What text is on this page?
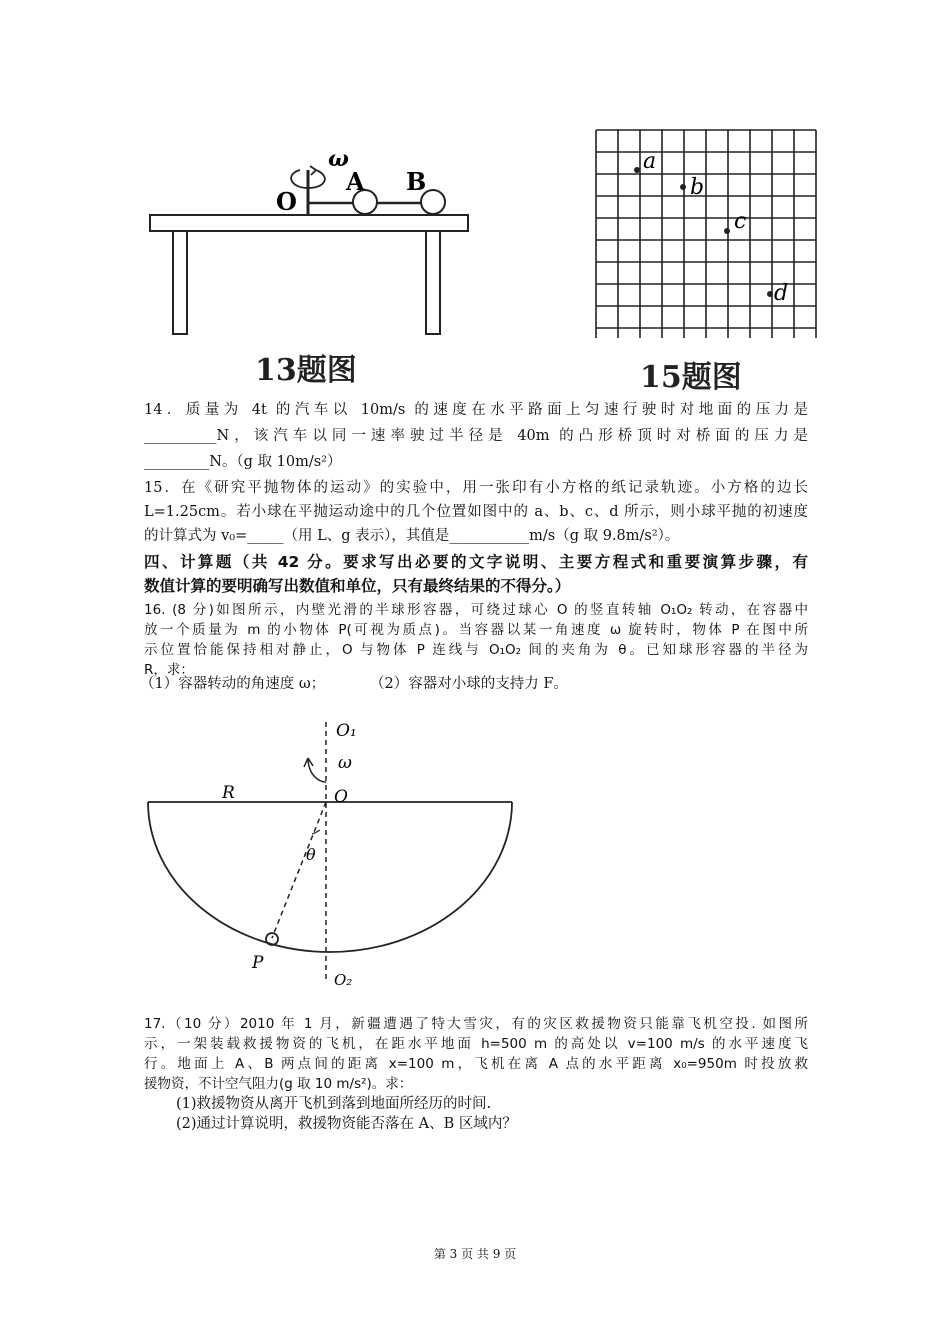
ω
O
A B
13题图
a
b
c
d
15题图
14．质量为 4t 的汽车以 10m/s 的速度在水平路面上匀速行驶时对地面的压力是
__________N，该汽车以同一速率驶过半径是 40m 的凸形桥顶时对桥面的压力是
_________N。（g 取 10m/s²）
15．在《研究平抛物体的运动》的实验中，用一张印有小方格的纸记录轨迹。小方格的边长
L=1.25cm。若小球在平抛运动途中的几个位置如图中的 a、b、c、d 所示，则小球平抛的初速度
的计算式为 v₀=_____（用 L、g 表示），其值是___________m/s（g 取 9.8m/s²）。
四、计算题（共 42 分。要求写出必要的文字说明、主要方程式和重要演算步骤，有
数值计算的要明确写出数值和单位，只有最终结果的不得分。）
16. (8 分)如图所示，内壁光滑的半球形容器，可绕过球心 O 的竖直转轴 O₁O₂ 转动，在容器中
放一个质量为 m 的小物体 P(可视为质点)。当容器以某一角速度 ω 旋转时，物体 P 在图中所
示位置恰能保持相对静止，O 与物体 P 连线与 O₁O₂ 间的夹角为 θ。已知球形容器的半径为
R，求：
（1）容器转动的角速度 ω；	（2）容器对小球的支持力 F。
O₁
ω
O
R
θ
P
O₂
17.（10 分）2010 年 1 月，新疆遭遇了特大雪灾，有的灾区救援物资只能靠飞机空投. 如图所
示，一架装载救援物资的飞机，在距水平地面 h=500 m 的高处以 v=100 m/s 的水平速度飞
行。地面上 A、B 两点间的距离 x=100 m，飞机在离 A 点的水平距离 x₀=950m 时投放救
援物资，不计空气阻力(g 取 10 m/s²)。求：
(1)救援物资从离开飞机到落到地面所经历的时间.
(2)通过计算说明，救援物资能否落在 A、B 区域内？
第 3 页 共 9 页
